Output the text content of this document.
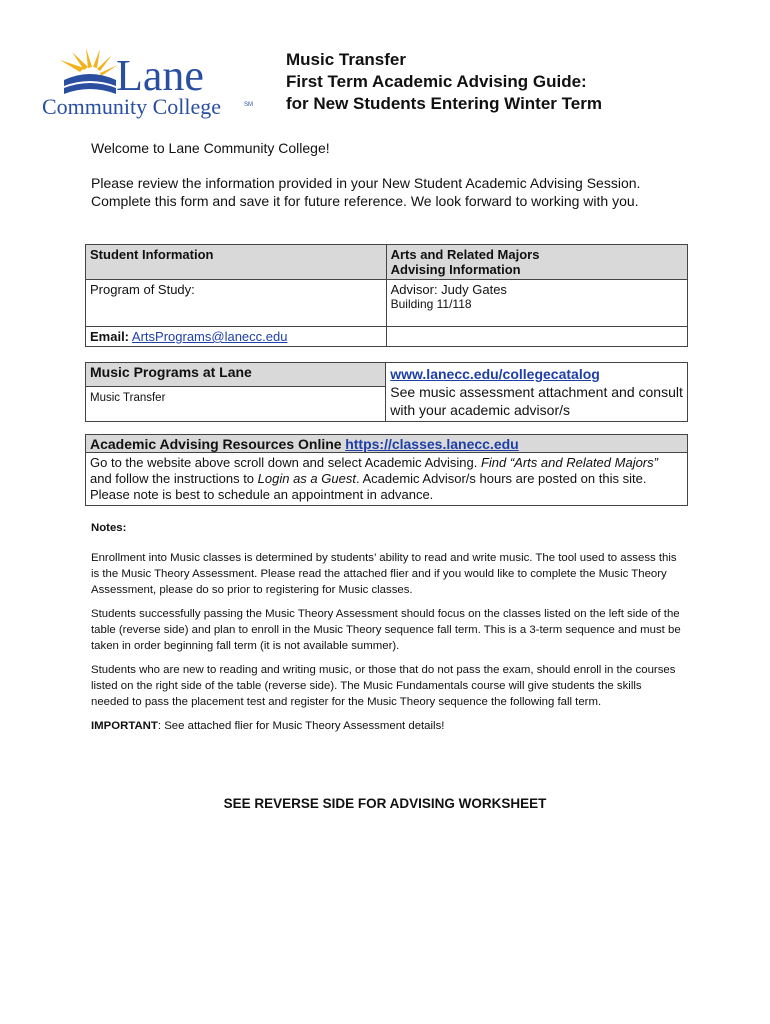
Lane
Community College	SM
Music Transfer
First Term Academic Advising Guide:
for New Students Entering Winter Term
Welcome to Lane Community College!
Please review the information provided in your New Student Academic Advising Session. Complete this form and save it for future reference. We look forward to working with you.
Student Information	Arts and Related Majors
Advising Information

Program of Study:	Advisor: Judy Gates
Building 11/118

Email: ArtsPrograms@lanecc.edu	
Music Programs at Lane	www.lanecc.edu/collegecatalog
See music assessment attachment and consult with your academic advisor/s

Music Transfer
Academic Advising Resources Online https://classes.lanecc.edu
Go to the website above scroll down and select Academic Advising. Find “Arts and Related Majors” and follow the instructions to Login as a Guest. Academic Advisor/s hours are posted on this site. Please note is best to schedule an appointment in advance.

Notes:

Enrollment into Music classes is determined by students’ ability to read and write music. The tool used to assess this is the Music Theory Assessment. Please read the attached flier and if you would like to complete the Music Theory Assessment, please do so prior to registering for Music classes.

Students successfully passing the Music Theory Assessment should focus on the classes listed on the left side of the table (reverse side) and plan to enroll in the Music Theory sequence fall term. This is a 3-term sequence and must be taken in order beginning fall term (it is not available summer).

Students who are new to reading and writing music, or those that do not pass the exam, should enroll in the courses listed on the right side of the table (reverse side). The Music Fundamentals course will give students the skills needed to pass the placement test and register for the Music Theory sequence the following fall term.

IMPORTANT: See attached flier for Music Theory Assessment details!

SEE REVERSE SIDE FOR ADVISING WORKSHEET
